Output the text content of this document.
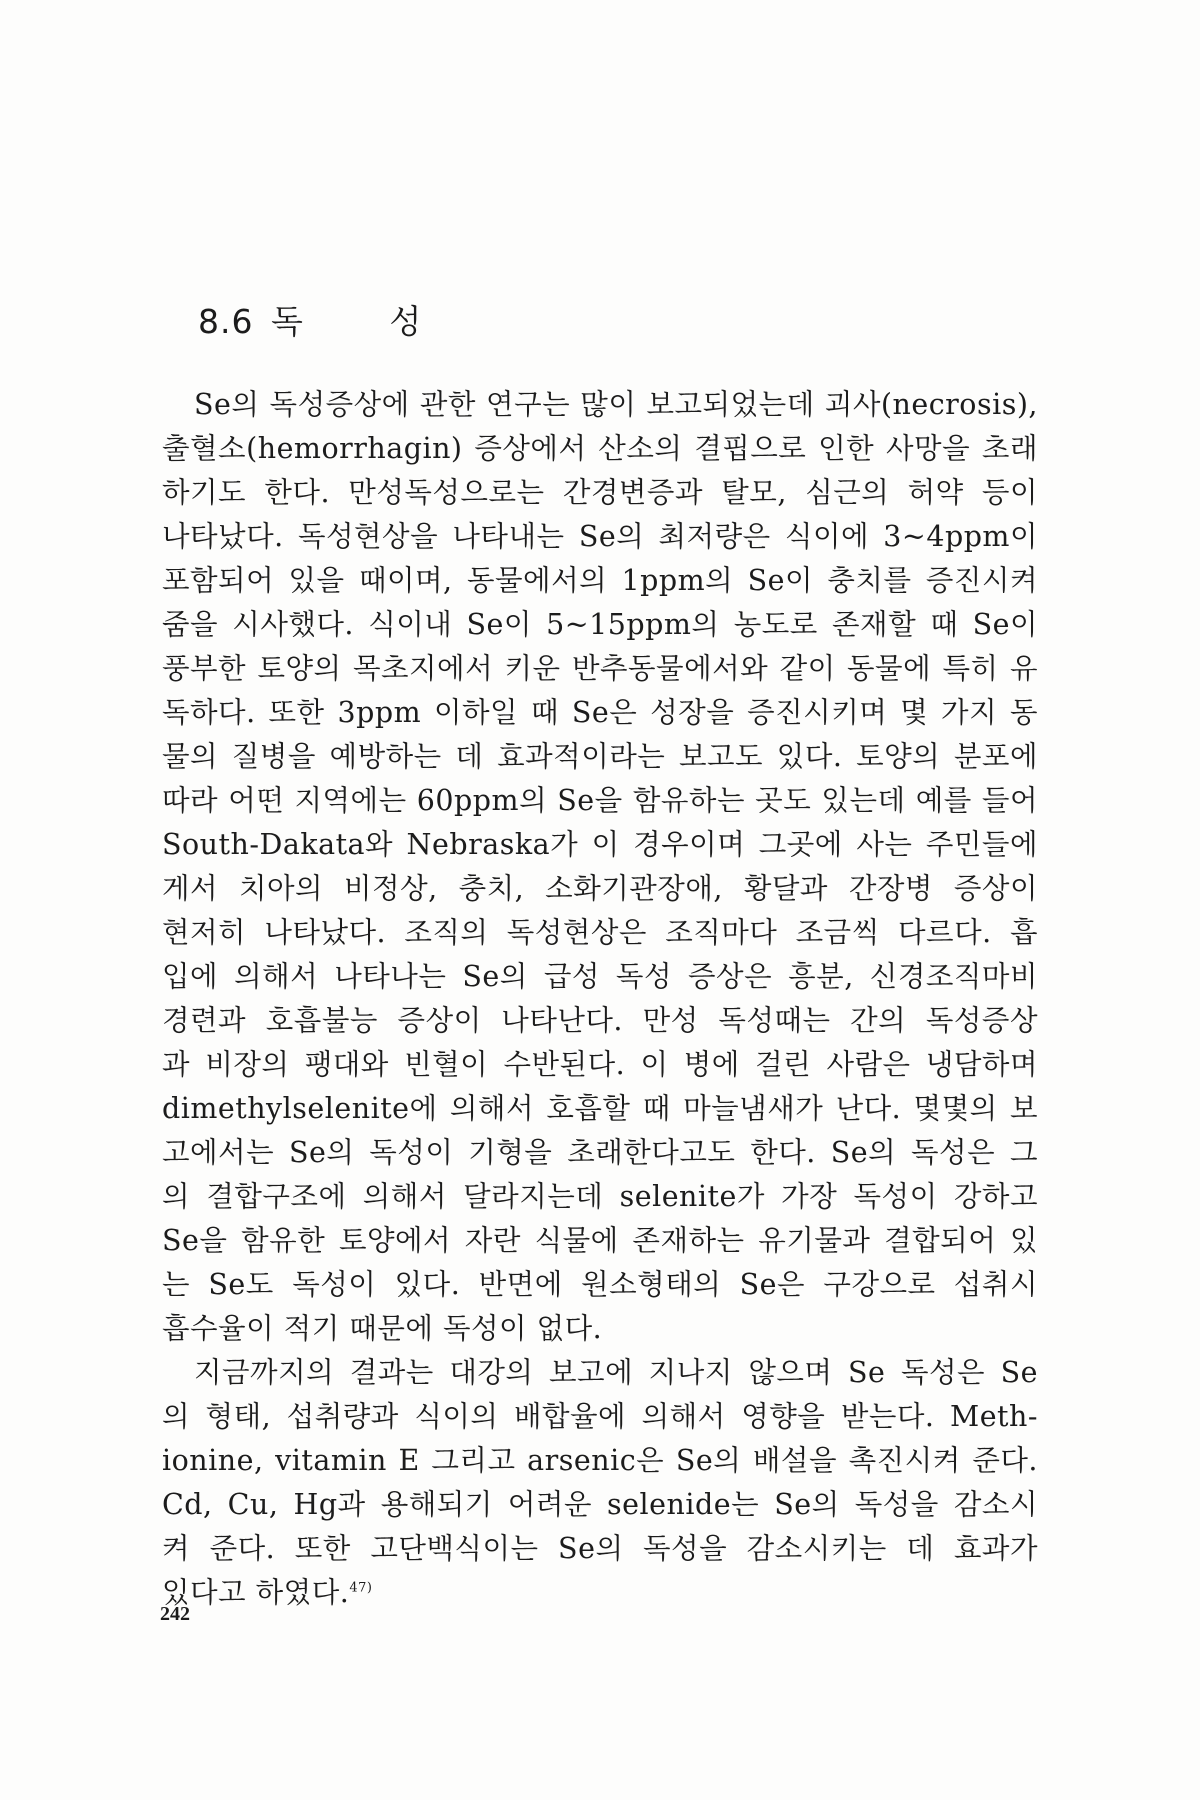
8.6 독 성
Se의 독성증상에 관한 연구는 많이 보고되었는데 괴사(necrosis),
출혈소(hemorrhagin) 증상에서 산소의 결핍으로 인한 사망을 초래
하기도 한다. 만성독성으로는 간경변증과 탈모, 심근의 허약 등이
나타났다. 독성현상을 나타내는 Se의 최저량은 식이에 3~4ppm이
포함되어 있을 때이며, 동물에서의 1ppm의 Se이 충치를 증진시켜
줌을 시사했다. 식이내 Se이 5~15ppm의 농도로 존재할 때 Se이
풍부한 토양의 목초지에서 키운 반추동물에서와 같이 동물에 특히 유
독하다. 또한 3ppm 이하일 때 Se은 성장을 증진시키며 몇 가지 동
물의 질병을 예방하는 데 효과적이라는 보고도 있다. 토양의 분포에
따라 어떤 지역에는 60ppm의 Se을 함유하는 곳도 있는데 예를 들어
South-Dakata와 Nebraska가 이 경우이며 그곳에 사는 주민들에
게서 치아의 비정상, 충치, 소화기관장애, 황달과 간장병 증상이
현저히 나타났다. 조직의 독성현상은 조직마다 조금씩 다르다. 흡
입에 의해서 나타나는 Se의 급성 독성 증상은 흥분, 신경조직마비
경련과 호흡불능 증상이 나타난다. 만성 독성때는 간의 독성증상
과 비장의 팽대와 빈혈이 수반된다. 이 병에 걸린 사람은 냉담하며
dimethylselenite에 의해서 호흡할 때 마늘냄새가 난다. 몇몇의 보
고에서는 Se의 독성이 기형을 초래한다고도 한다. Se의 독성은 그
의 결합구조에 의해서 달라지는데 selenite가 가장 독성이 강하고
Se을 함유한 토양에서 자란 식물에 존재하는 유기물과 결합되어 있
는 Se도 독성이 있다. 반면에 원소형태의 Se은 구강으로 섭취시
흡수율이 적기 때문에 독성이 없다.
지금까지의 결과는 대강의 보고에 지나지 않으며 Se 독성은 Se
의 형태, 섭취량과 식이의 배합율에 의해서 영향을 받는다. Meth-
ionine, vitamin E 그리고 arsenic은 Se의 배설을 촉진시켜 준다.
Cd, Cu, Hg과 용해되기 어려운 selenide는 Se의 독성을 감소시
켜 준다. 또한 고단백식이는 Se의 독성을 감소시키는 데 효과가
있다고 하였다.$^{47)}$
242
